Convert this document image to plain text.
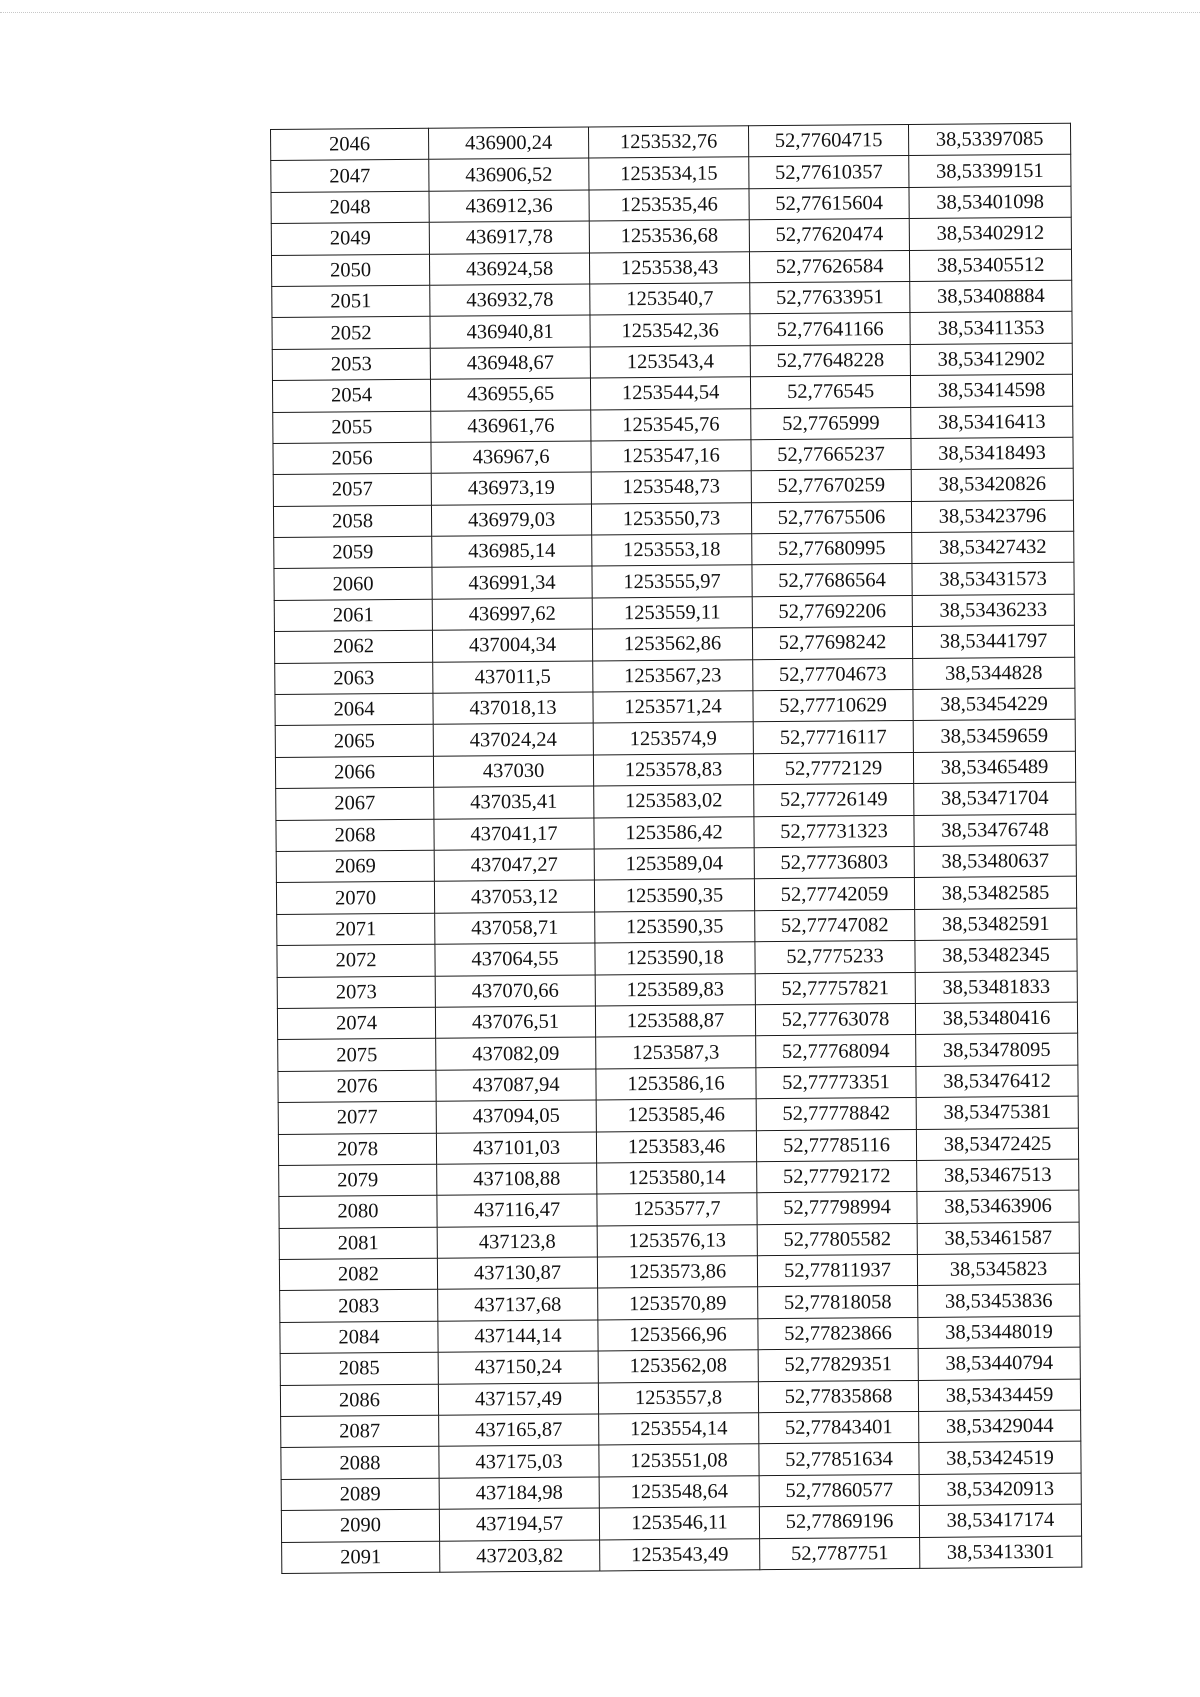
2046	436900,24	1253532,76	52,77604715	38,53397085
2047	436906,52	1253534,15	52,77610357	38,53399151
2048	436912,36	1253535,46	52,77615604	38,53401098
2049	436917,78	1253536,68	52,77620474	38,53402912
2050	436924,58	1253538,43	52,77626584	38,53405512
2051	436932,78	1253540,7	52,77633951	38,53408884
2052	436940,81	1253542,36	52,77641166	38,53411353
2053	436948,67	1253543,4	52,77648228	38,53412902
2054	436955,65	1253544,54	52,776545	38,53414598
2055	436961,76	1253545,76	52,7765999	38,53416413
2056	436967,6	1253547,16	52,77665237	38,53418493
2057	436973,19	1253548,73	52,77670259	38,53420826
2058	436979,03	1253550,73	52,77675506	38,53423796
2059	436985,14	1253553,18	52,77680995	38,53427432
2060	436991,34	1253555,97	52,77686564	38,53431573
2061	436997,62	1253559,11	52,77692206	38,53436233
2062	437004,34	1253562,86	52,77698242	38,53441797
2063	437011,5	1253567,23	52,77704673	38,5344828
2064	437018,13	1253571,24	52,77710629	38,53454229
2065	437024,24	1253574,9	52,77716117	38,53459659
2066	437030	1253578,83	52,7772129	38,53465489
2067	437035,41	1253583,02	52,77726149	38,53471704
2068	437041,17	1253586,42	52,77731323	38,53476748
2069	437047,27	1253589,04	52,77736803	38,53480637
2070	437053,12	1253590,35	52,77742059	38,53482585
2071	437058,71	1253590,35	52,77747082	38,53482591
2072	437064,55	1253590,18	52,7775233	38,53482345
2073	437070,66	1253589,83	52,77757821	38,53481833
2074	437076,51	1253588,87	52,77763078	38,53480416
2075	437082,09	1253587,3	52,77768094	38,53478095
2076	437087,94	1253586,16	52,77773351	38,53476412
2077	437094,05	1253585,46	52,77778842	38,53475381
2078	437101,03	1253583,46	52,77785116	38,53472425
2079	437108,88	1253580,14	52,77792172	38,53467513
2080	437116,47	1253577,7	52,77798994	38,53463906
2081	437123,8	1253576,13	52,77805582	38,53461587
2082	437130,87	1253573,86	52,77811937	38,5345823
2083	437137,68	1253570,89	52,77818058	38,53453836
2084	437144,14	1253566,96	52,77823866	38,53448019
2085	437150,24	1253562,08	52,77829351	38,53440794
2086	437157,49	1253557,8	52,77835868	38,53434459
2087	437165,87	1253554,14	52,77843401	38,53429044
2088	437175,03	1253551,08	52,77851634	38,53424519
2089	437184,98	1253548,64	52,77860577	38,53420913
2090	437194,57	1253546,11	52,77869196	38,53417174
2091	437203,82	1253543,49	52,7787751	38,53413301
